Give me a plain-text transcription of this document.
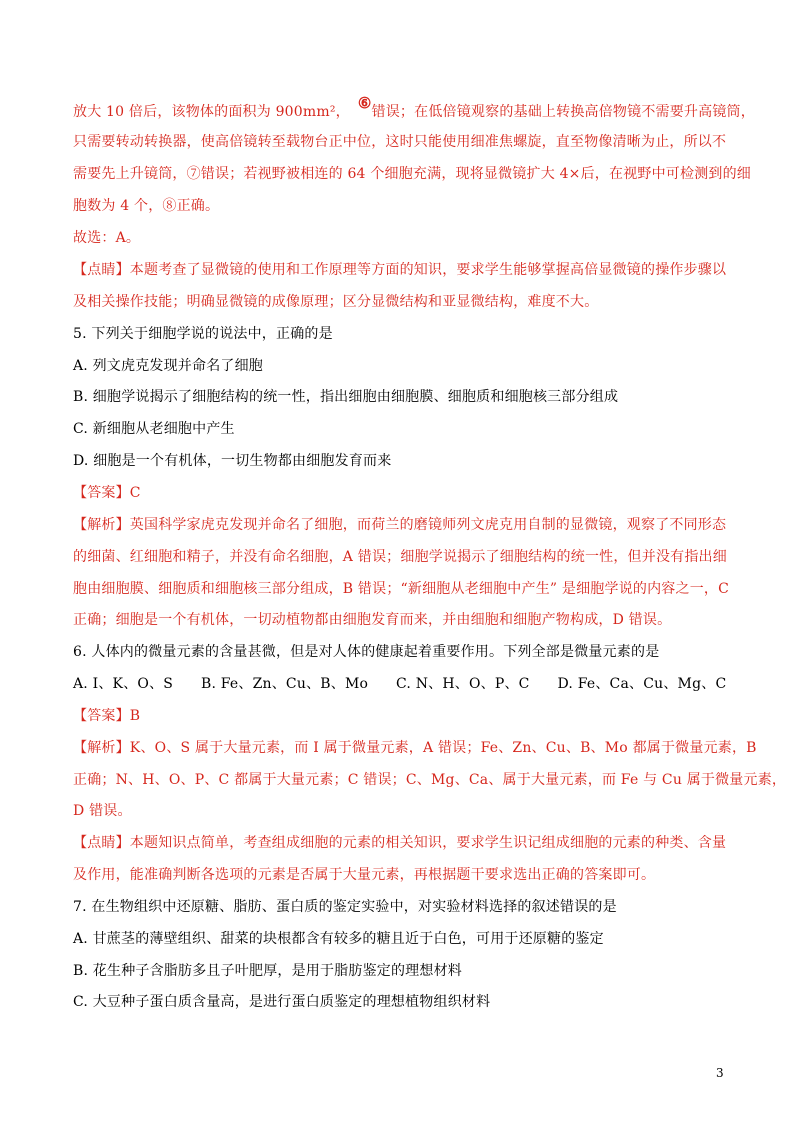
放大 10 倍后，该物体的面积为 900mm²， ⑥错误；在低倍镜观察的基础上转换高倍物镜不需要升高镜筒，
只需要转动转换器，使高倍镜转至载物台正中位，这时只能使用细准焦螺旋，直至物像清晰为止，所以不
需要先上升镜筒，⑦错误；若视野被相连的 64 个细胞充满，现将显微镜扩大 4×后，在视野中可检测到的细
胞数为 4 个，⑧正确。
故选：A。
【点睛】本题考查了显微镜的使用和工作原理等方面的知识，要求学生能够掌握高倍显微镜的操作步骤以
及相关操作技能；明确显微镜的成像原理；区分显微结构和亚显微结构，难度不大。
5. 下列关于细胞学说的说法中，正确的是
A. 列文虎克发现并命名了细胞
B. 细胞学说揭示了细胞结构的统一性，指出细胞由细胞膜、细胞质和细胞核三部分组成
C. 新细胞从老细胞中产生
D. 细胞是一个有机体，一切生物都由细胞发育而来
【答案】C
【解析】英国科学家虎克发现并命名了细胞，而荷兰的磨镜师列文虎克用自制的显微镜，观察了不同形态
的细菌、红细胞和精子，并没有命名细胞，A 错误；细胞学说揭示了细胞结构的统一性，但并没有指出细
胞由细胞膜、细胞质和细胞核三部分组成，B 错误；“新细胞从老细胞中产生” 是细胞学说的内容之一，C
正确；细胞是一个有机体，一切动植物都由细胞发育而来，并由细胞和细胞产物构成，D 错误。
6. 人体内的微量元素的含量甚微，但是对人体的健康起着重要作用。下列全部是微量元素的是
A. I、K、O、S      B. Fe、Zn、Cu、B、Mo      C. N、H、O、P、C      D. Fe、Ca、Cu、Mg、C
【答案】B
【解析】K、O、S 属于大量元素，而 I 属于微量元素，A 错误；Fe、Zn、Cu、B、Mo 都属于微量元素，B
正确；N、H、O、P、C 都属于大量元素；C 错误；C、Mg、Ca、属于大量元素，而 Fe 与 Cu 属于微量元素，
D 错误。
【点睛】本题知识点简单，考查组成细胞的元素的相关知识，要求学生识记组成细胞的元素的种类、含量
及作用，能准确判断各选项的元素是否属于大量元素，再根据题干要求选出正确的答案即可。
7. 在生物组织中还原糖、脂肪、蛋白质的鉴定实验中，对实验材料选择的叙述错误的是
A. 甘蔗茎的薄壁组织、甜菜的块根都含有较多的糖且近于白色，可用于还原糖的鉴定
B. 花生种子含脂肪多且子叶肥厚，是用于脂肪鉴定的理想材料
C. 大豆种子蛋白质含量高，是进行蛋白质鉴定的理想植物组织材料
3
